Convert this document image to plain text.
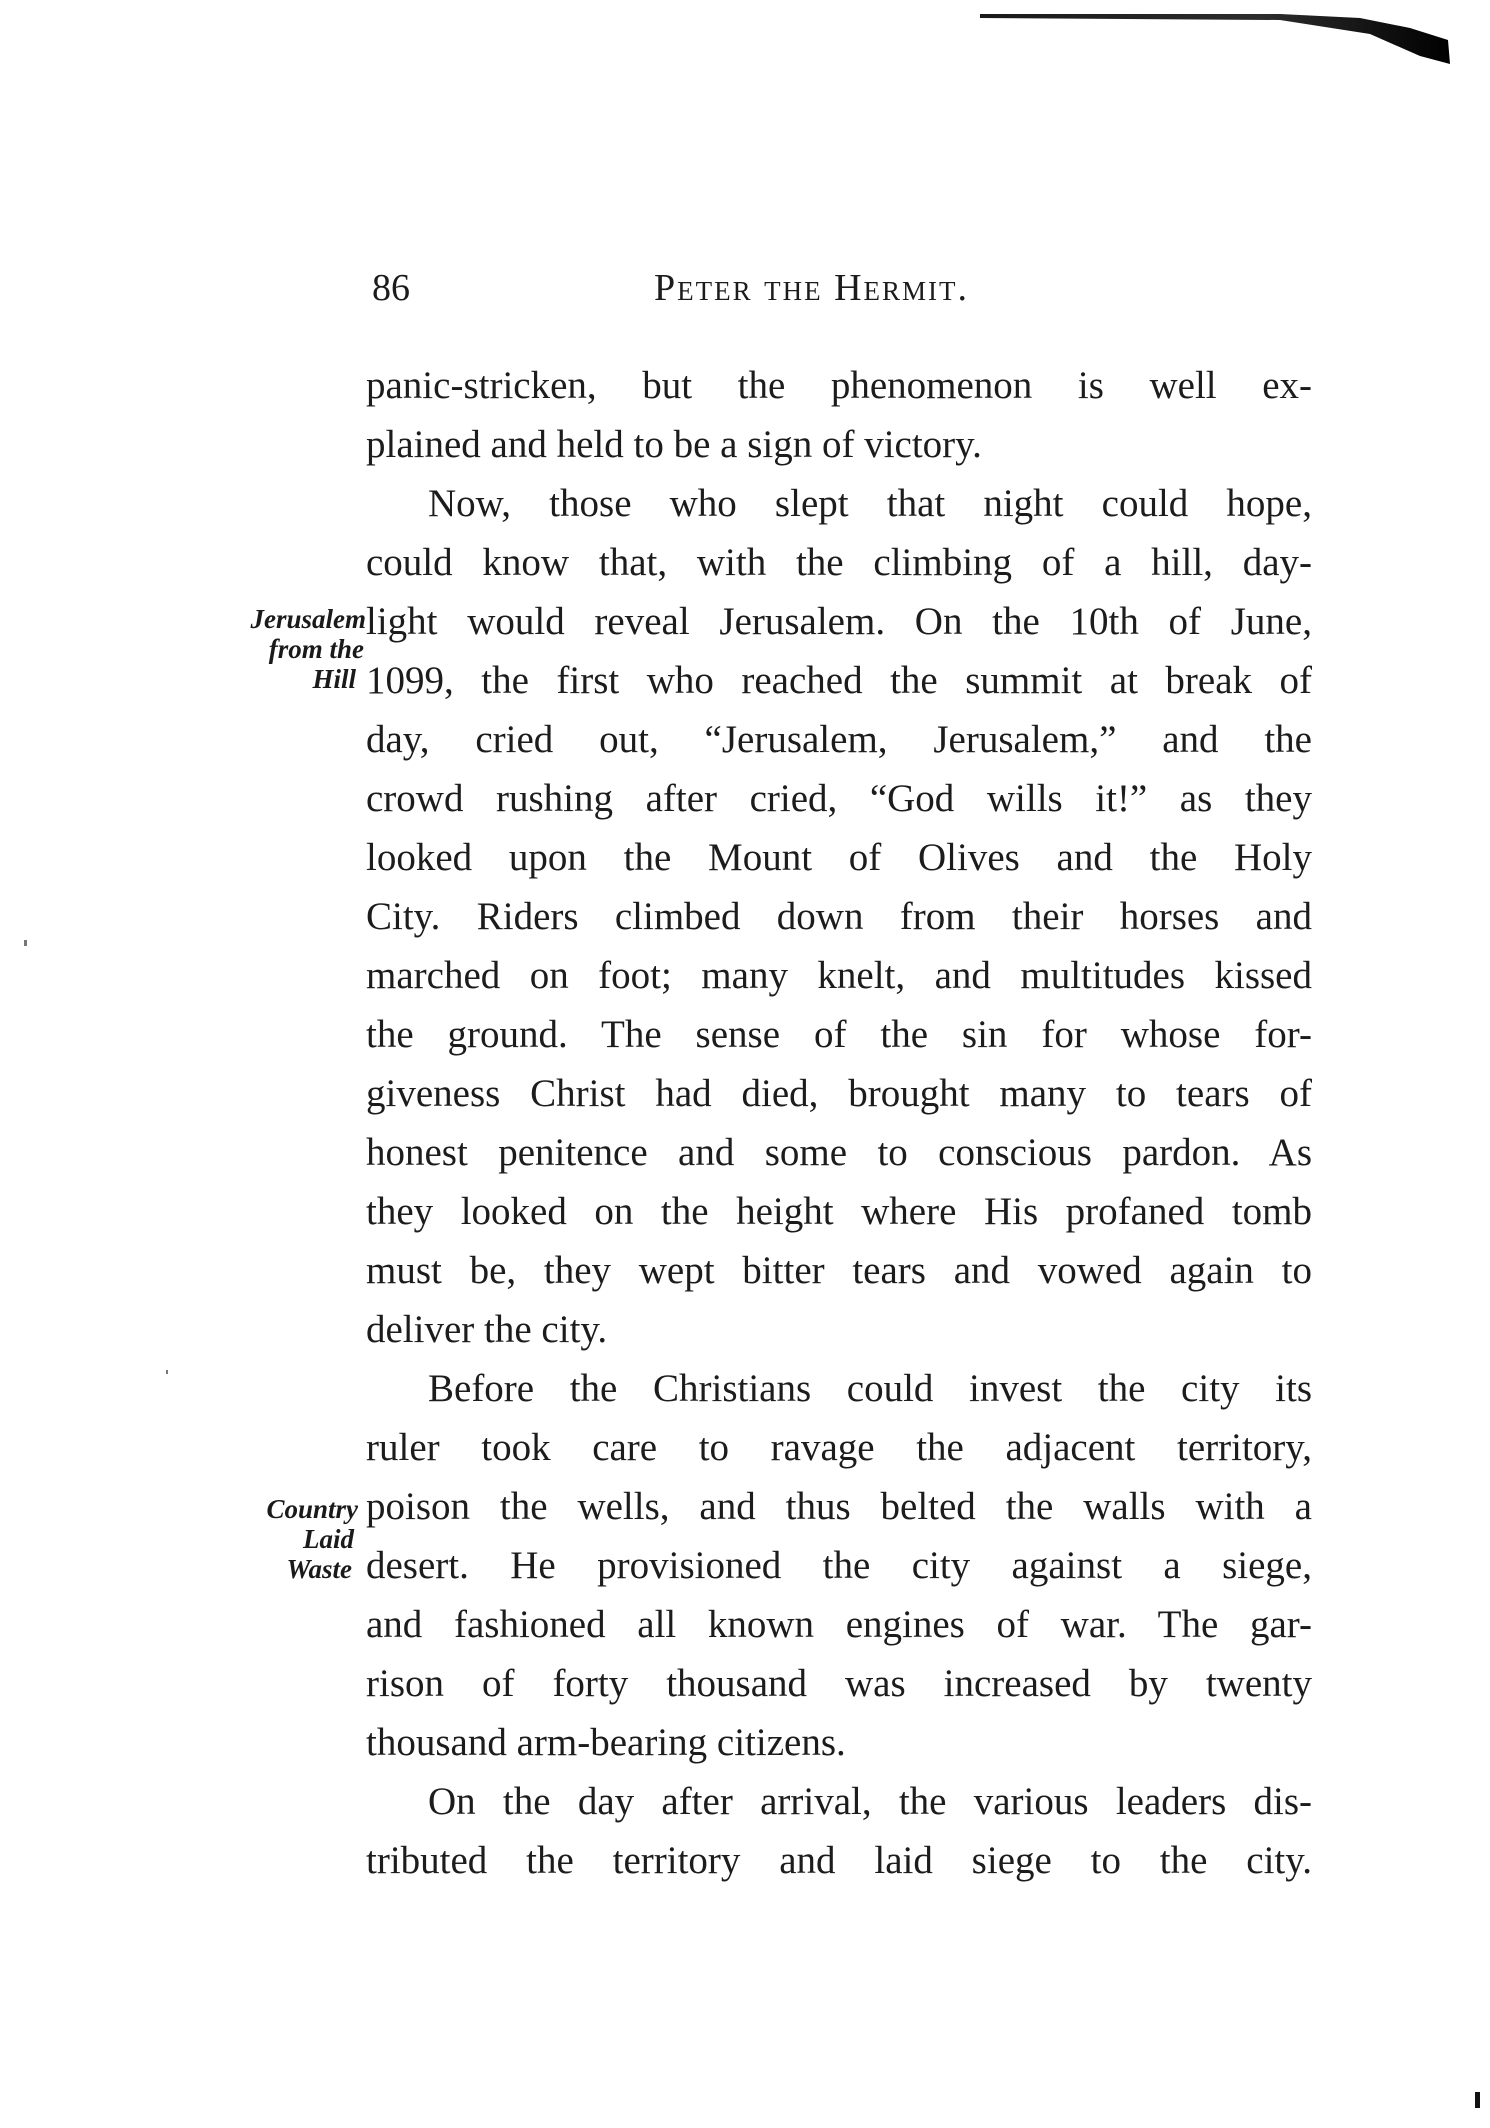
86	Peter the Hermit.
Jerusalem
from the
Hill
Country
Laid
Waste
panic-stricken, but the phenomenon is well ex-
plained and held to be a sign of victory.
Now, those who slept that night could hope,
could know that, with the climbing of a hill, day-
light would reveal Jerusalem. On the 10th of June,
1099, the first who reached the summit at break of
day, cried out, “Jerusalem, Jerusalem,” and the
crowd rushing after cried, “God wills it!” as they
looked upon the Mount of Olives and the Holy
City. Riders climbed down from their horses and
marched on foot; many knelt, and multitudes kissed
the ground. The sense of the sin for whose for-
giveness Christ had died, brought many to tears of
honest penitence and some to conscious pardon. As
they looked on the height where His profaned tomb
must be, they wept bitter tears and vowed again to
deliver the city.
Before the Christians could invest the city its
ruler took care to ravage the adjacent territory,
poison the wells, and thus belted the walls with a
desert. He provisioned the city against a siege,
and fashioned all known engines of war. The gar-
rison of forty thousand was increased by twenty
thousand arm-bearing citizens.
On the day after arrival, the various leaders dis-
tributed the territory and laid siege to the city.
